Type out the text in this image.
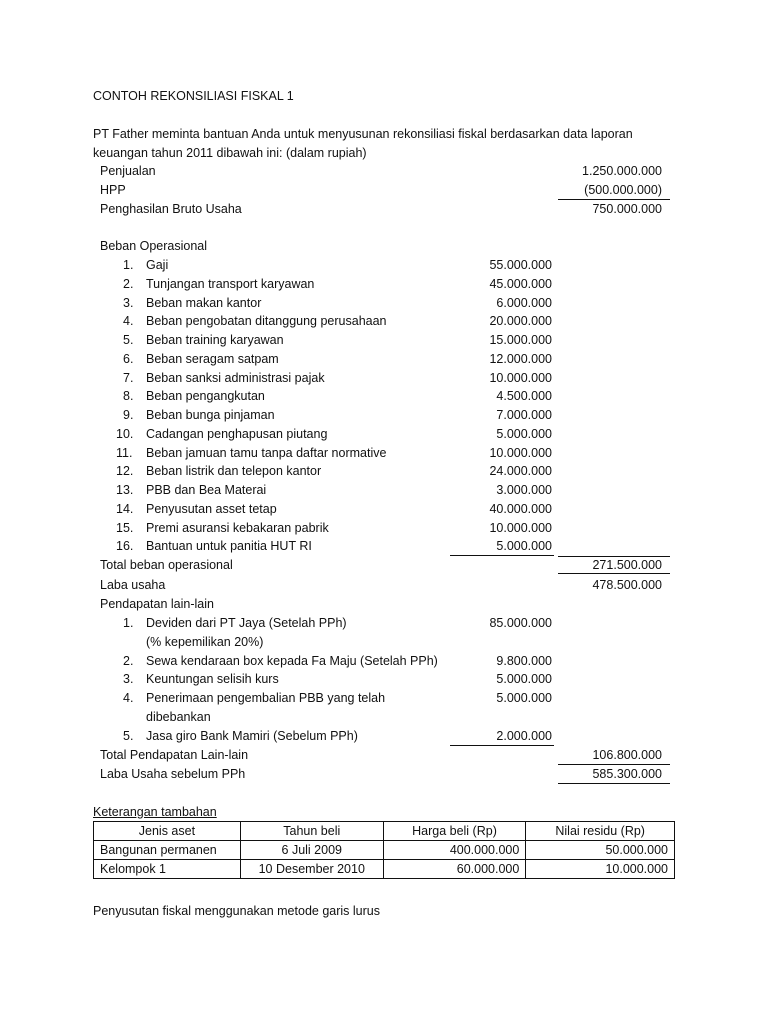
CONTOH REKONSILIASI FISKAL 1
PT Father meminta bantuan Anda untuk menyusunan rekonsiliasi fiskal berdasarkan data laporan
keuangan tahun 2011 dibawah ini: (dalam rupiah)
Penjualan	1.250.000.000
HPP	(500.000.000)
Penghasilan Bruto Usaha	750.000.000
Beban Operasional
1. Gaji	55.000.000
2. Tunjangan transport karyawan	45.000.000
3. Beban makan kantor	6.000.000
4. Beban pengobatan ditanggung perusahaan	20.000.000
5. Beban training karyawan	15.000.000
6. Beban seragam satpam	12.000.000
7. Beban sanksi administrasi pajak	10.000.000
8. Beban pengangkutan	4.500.000
9. Beban bunga pinjaman	7.000.000
10. Cadangan penghapusan piutang	5.000.000
11. Beban jamuan tamu tanpa daftar normative	10.000.000
12. Beban listrik dan telepon kantor	24.000.000
13. PBB dan Bea Materai	3.000.000
14. Penyusutan asset tetap	40.000.000
15. Premi asuransi kebakaran pabrik	10.000.000
16. Bantuan untuk panitia HUT RI	5.000.000
Total beban operasional	271.500.000
Laba usaha	478.500.000
Pendapatan lain-lain
1. Deviden dari PT Jaya (Setelah PPh)	85.000.000
(% kepemilikan 20%)
2. Sewa kendaraan box kepada Fa Maju (Setelah PPh)	9.800.000
3. Keuntungan selisih kurs	5.000.000
4. Penerimaan pengembalian PBB yang telah	5.000.000
dibebankan
5. Jasa giro Bank Mamiri (Sebelum PPh)	2.000.000
Total Pendapatan Lain-lain	106.800.000
Laba Usaha sebelum PPh	585.300.000
Keterangan tambahan
Jenis aset	Tahun beli	Harga beli (Rp)	Nilai residu (Rp)
Bangunan permanen	6 Juli 2009	400.000.000	50.000.000
Kelompok 1	10 Desember 2010	60.000.000	10.000.000
Penyusutan fiskal menggunakan metode garis lurus
